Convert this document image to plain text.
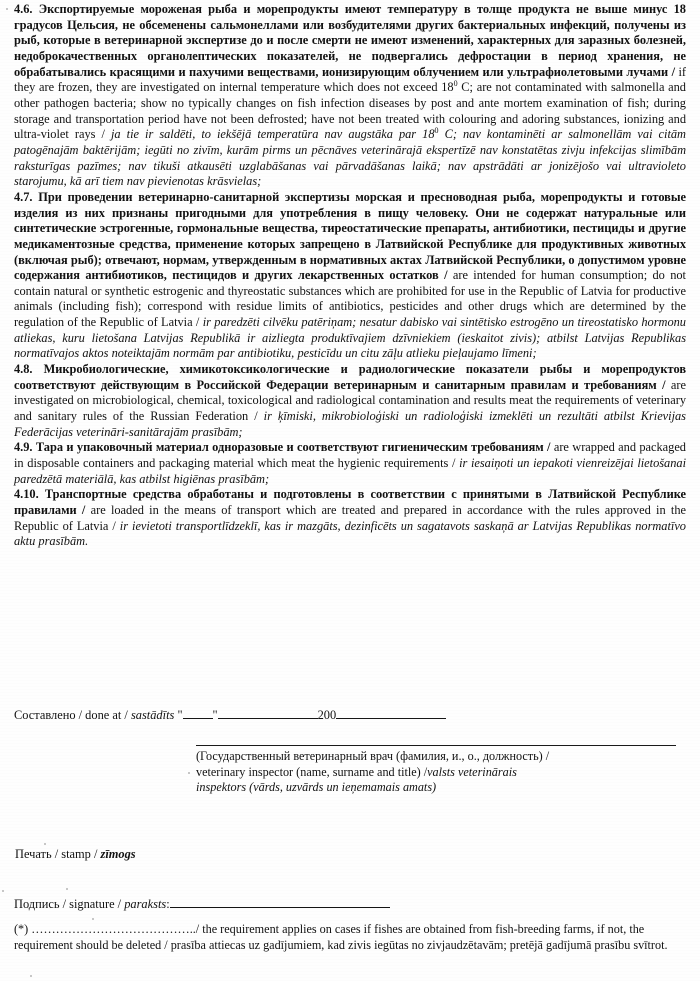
4.6. Экспортируемые мороженая рыба и морепродукты имеют температуру в толще продукта не выше минус 18 градусов Цельсия, не обсеменены сальмонеллами или возбудителями других бактериальных инфекций, получены из рыб, которые в ветеринарной экспертизе до и после смерти не имеют изменений, характерных для заразных болезней, недоброкачественных органолептических показателей, не подвергались дефростации в период хранения, не обрабатывались красящими и пахучими веществами, ионизирующим облучением или ультрафиолетовыми лучами / if they are frozen, they are investigated on internal temperature which does not exceed $18^0$ C; are not contaminated with salmonella and other pathogen bacteria; show no typically changes on fish infection diseases by post and ante mortem examination of fish; during storage and transportation period have not been defrosted; have not been treated with colouring and adoring substances, ionizing and ultra-violet rays / ja tie ir saldēti, to iekšējā temperatūra nav augstāka par $18^0$ C; nav kontaminēti ar salmonellām vai citām patogēnajām baktērijām; iegūti no zivīm, kurām pirms un pēcnāves veterinārajā ekspertīzē nav konstatētas zivju infekcijas slimībām raksturīgas pazīmes; nav tikuši atkausēti uzglabāšanas vai pārvadāšanas laikā; nav apstrādāti ar jonizējošo vai ultravioleto starojumu, kā arī tiem nav pievienotas krāsvielas;

4.7. При проведении ветеринарно-санитарной экспертизы морская и пресноводная рыба, морепродукты и готовые изделия из них признаны пригодными для употребления в пищу человеку. Они не содержат натуральные или синтетические эстрогенные, гормональные вещества, тиреостатические препараты, антибиотики, пестициды и другие медикаментозные средства, применение которых запрещено в Латвийской Республике для продуктивных животных (включая рыб); отвечают, нормам, утвержденным в нормативных актах Латвийской Республики, о допустимом уровне содержания антибиотиков, пестицидов и других лекарственных остатков / are intended for human consumption; do not contain natural or synthetic estrogenic and thyreostatic substances which are prohibited for use in the Republic of Latvia for productive animals (including fish); correspond with residue limits of antibiotics, pesticides and other drugs which are determined by the regulation of the Republic of Latvia / ir paredzēti cilvēku patēriņam; nesatur dabisko vai sintētisko estrogēno un tireostatisko hormonu atliekas, kuru lietošana Latvijas Republikā ir aizliegta produktīvajiem dzīvniekiem (ieskaitot zivis); atbilst Latvijas Republikas normatīvajos aktos noteiktajām normām par antibiotiku, pesticīdu un citu zāļu atlieku pieļaujamo līmeni;

4.8. Микробиологические, химикотоксикологические и радиологические показатели рыбы и морепродуктов соответствуют действующим в Российской Федерации ветеринарным и санитарным правилам и требованиям / are investigated on microbiological, chemical, toxicological and radiological contamination and results meat the requirements of veterinary and sanitary rules of the Russian Federation / ir ķīmiski, mikrobioloģiski un radioloģiski izmeklēti un rezultāti atbilst Krievijas Federācijas veterināri-sanitārajām prasībām;

4.9. Тара и упаковочный материал одноразовые и соответствуют гигиеническим требованиям / are wrapped and packaged in disposable containers and packaging material which meat the hygienic requirements / ir iesaiņoti un iepakoti vienreizējai lietošanai paredzētā materiālā, kas atbilst higiēnas prasībām;

4.10. Транспортные средства обработаны и подготовлены в соответствии с принятыми в Латвийской Республике правилами / are loaded in the means of transport which are treated and prepared in accordance with the rules approved in the Republic of Latvia / ir ievietoti transportlīdzeklī, kas ir mazgāts, dezinficēts un sagatavots saskaņā ar Latvijas Republikas normatīvo aktu prasībām.

Составлено / done at / sastādīts " "	200
(Государственный ветеринарный врач (фамилия, и., о., должность) /
veterinary inspector (name, surname and title) /valsts veterinārais
inspektors (vārds, uzvārds un ieņemamais amats)
Печать / stamp / zīmogs
Подпись / signature / paraksts:
(*) …………………………………../ the requirement applies on cases if fishes are obtained from fish-breeding farms, if not, the requirement should be deleted / prasība attiecas uz gadījumiem, kad zivis iegūtas no zivjaudzētavām; pretējā gadījumā prasību svītrot.
